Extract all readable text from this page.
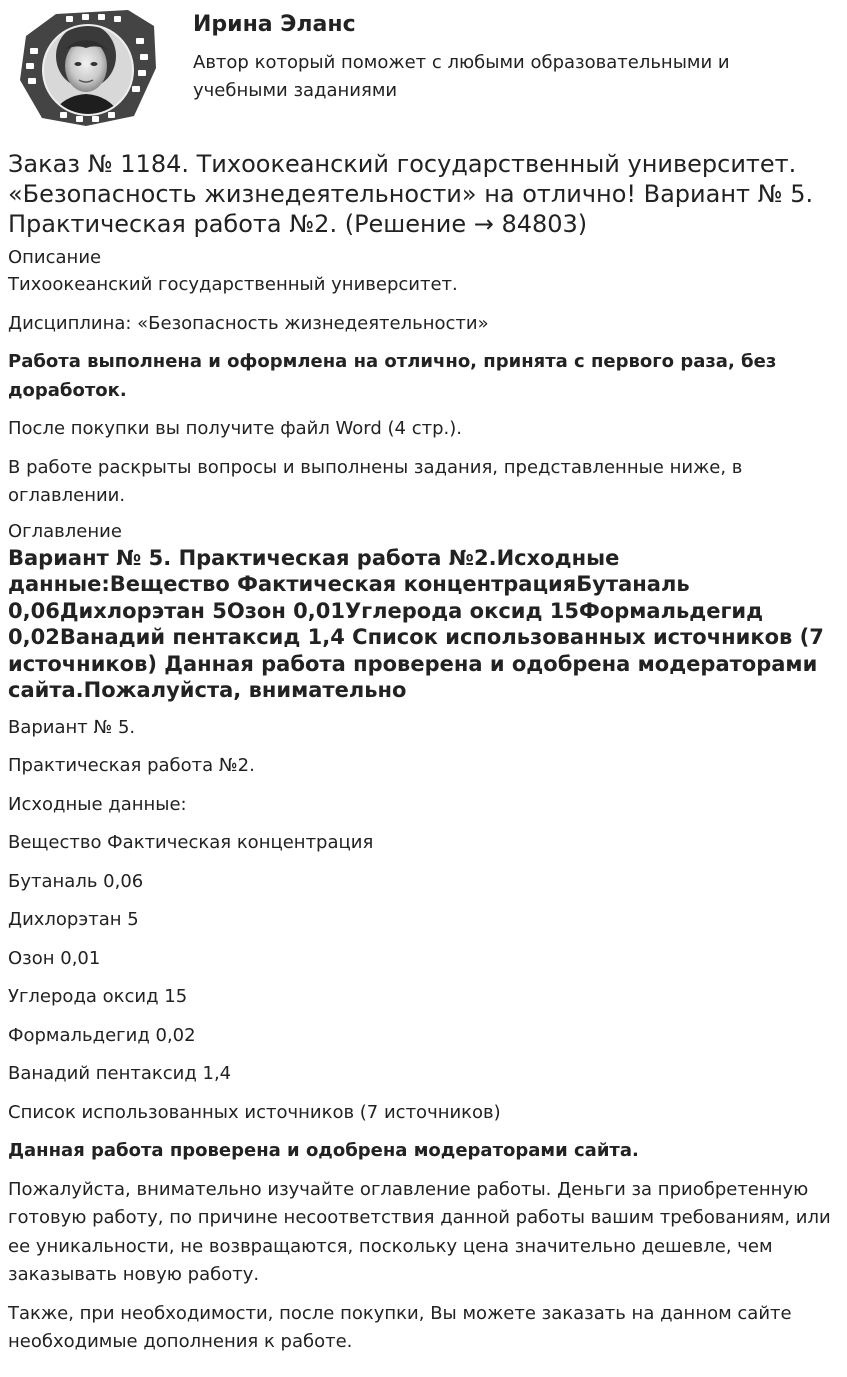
Ирина Эланс

Автор который поможет с любыми образовательными и учебными заданиями

Заказ № 1184. Тихоокеанский государственный университет. «Безопасность жизнедеятельности» на отлично! Вариант № 5. Практическая работа №2. (Решение → 84803)
Описание

Тихоокеанский государственный университет.

Дисциплина: «Безопасность жизнедеятельности»

Работа выполнена и оформлена на отлично, принята с первого раза, без доработок.

После покупки вы получите файл Word (4 стр.).

В работе раскрыты вопросы и выполнены задания, представленные ниже, в оглавлении.

Оглавление
Вариант № 5. Практическая работа №2.Исходные данные:Вещество Фактическая концентрацияБутаналь 0,06Дихлорэтан 5Озон 0,01Углерода оксид 15Формальдегид 0,02Ванадий пентаксид 1,4 Список использованных источников (7 источников) Данная работа проверена и одобрена модераторами сайта.Пожалуйста, внимательно

Вариант № 5.

Практическая работа №2.

Исходные данные:

Вещество Фактическая концентрация

Бутаналь 0,06

Дихлорэтан 5

Озон 0,01

Углерода оксид 15

Формальдегид 0,02

Ванадий пентаксид 1,4

Список использованных источников (7 источников)

Данная работа проверена и одобрена модераторами сайта.

Пожалуйста, внимательно изучайте оглавление работы. Деньги за приобретенную готовую работу, по причине несоответствия данной работы вашим требованиям, или ее уникальности, не возвращаются, поскольку цена значительно дешевле, чем заказывать новую работу.

Также, при необходимости, после покупки, Вы можете заказать на данном сайте необходимые дополнения к работе.
